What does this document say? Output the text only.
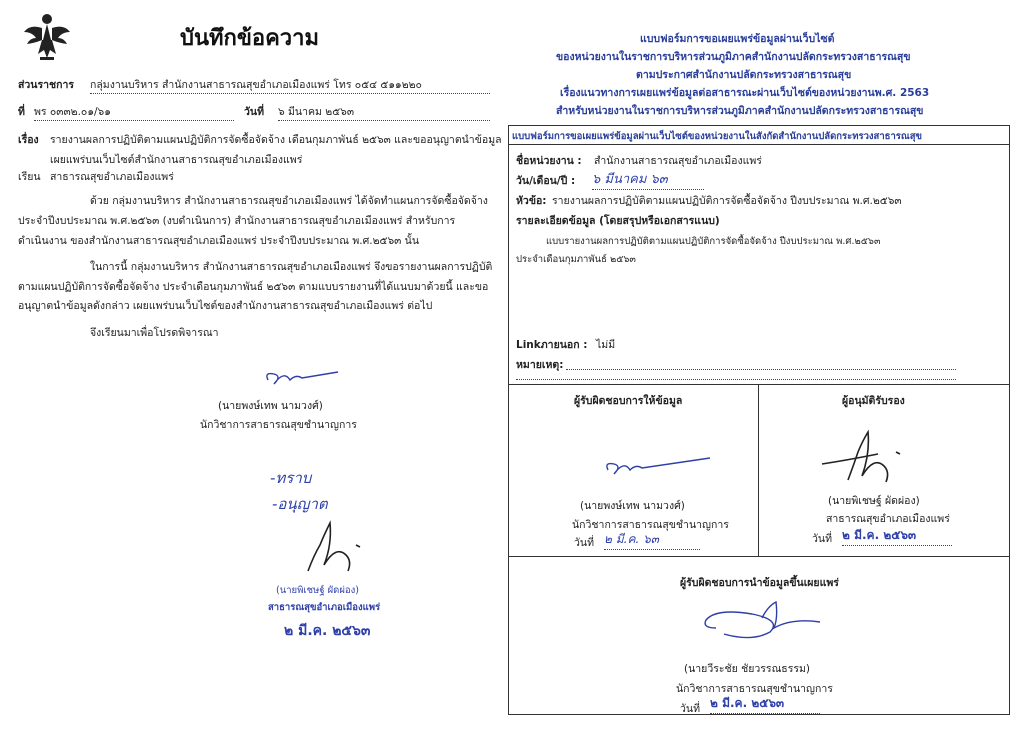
บันทึกข้อความ
ส่วนราชการ กลุ่มงานบริหาร สำนักงานสาธารณสุขอำเภอเมืองแพร่ โทร ๐๕๔ ๕๑๑๒๒๐
ที่ พร ๐๓๓๒.๐๑/๖๑	วันที่ ๖ มีนาคม ๒๕๖๓
เรื่อง รายงานผลการปฏิบัติตามแผนปฏิบัติการจัดซื้อจัดจ้าง เดือนกุมภาพันธ์ ๒๕๖๓ และขออนุญาตนำข้อมูล
เผยแพร่บนเว็บไซต์สำนักงานสาธารณสุขอำเภอเมืองแพร่
เรียน สาธารณสุขอำเภอเมืองแพร่
ด้วย กลุ่มงานบริหาร สำนักงานสาธารณสุขอำเภอเมืองแพร่ ได้จัดทำแผนการจัดซื้อจัดจ้าง
ประจำปีงบประมาณ พ.ศ.๒๕๖๓ (งบดำเนินการ) สำนักงานสาธารณสุขอำเภอเมืองแพร่ สำหรับการ
ดำเนินงาน ของสำนักงานสาธารณสุขอำเภอเมืองแพร่ ประจำปีงบประมาณ พ.ศ.๒๕๖๓ นั้น
ในการนี้ กลุ่มงานบริหาร สำนักงานสาธารณสุขอำเภอเมืองแพร่ จึงขอรายงานผลการปฏิบัติ
ตามแผนปฏิบัติการจัดซื้อจัดจ้าง ประจำเดือนกุมภาพันธ์ ๒๕๖๓ ตามแบบรายงานที่ได้แนบมาด้วยนี้ และขอ
อนุญาตนำข้อมูลดังกล่าว เผยแพร่บนเว็บไซต์ของสำนักงานสาธารณสุขอำเภอเมืองแพร่ ต่อไป
จึงเรียนมาเพื่อโปรดพิจารณา
(นายพงษ์เทพ นามวงศ์)
นักวิชาการสาธารณสุขชำนาญการ
-ทราบ
-อนุญาต
(นายพิเชษฐ์ ผัดผ่อง)
สาธารณสุขอำเภอเมืองแพร่
๒ มี.ค. ๒๕๖๓
แบบฟอร์มการขอเผยแพร่ข้อมูลผ่านเว็บไซต์
ของหน่วยงานในราชการบริหารส่วนภูมิภาคสำนักงานปลัดกระทรวงสาธารณสุข
ตามประกาศสำนักงานปลัดกระทรวงสาธารณสุข
เรื่องแนวทางการเผยแพร่ข้อมูลต่อสาธารณะผ่านเว็บไซต์ของหน่วยงานพ.ศ. 2563
สำหรับหน่วยงานในราชการบริหารส่วนภูมิภาคสำนักงานปลัดกระทรวงสาธารณสุข
แบบฟอร์มการขอเผยแพร่ข้อมูลผ่านเว็บไซต์ของหน่วยงานในสังกัดสำนักงานปลัดกระทรวงสาธารณสุข
ชื่อหน่วยงาน : สำนักงานสาธารณสุขอำเภอเมืองแพร่
วัน/เดือน/ปี : ๖ มีนาคม ๖๓
หัวข้อ: รายงานผลการปฏิบัติตามแผนปฏิบัติการจัดซื้อจัดจ้าง ปีงบประมาณ พ.ศ.๒๕๖๓
รายละเอียดข้อมูล (โดยสรุปหรือเอกสารแนบ)
แบบรายงานผลการปฏิบัติตามแผนปฏิบัติการจัดซื้อจัดจ้าง ปีงบประมาณ พ.ศ.๒๕๖๓
ประจำเดือนกุมภาพันธ์ ๒๕๖๓
Linkภายนอก : ไม่มี
หมายเหตุ:
ผู้รับผิดชอบการให้ข้อมูล
(นายพงษ์เทพ นามวงศ์)
นักวิชาการสาธารณสุขชำนาญการ
วันที่ ๒ มี.ค. ๖๓
ผู้อนุมัติรับรอง
(นายพิเชษฐ์ ผัดผ่อง)
สาธารณสุขอำเภอเมืองแพร่
วันที่ ๒ มี.ค. ๒๕๖๓
ผู้รับผิดชอบการนำข้อมูลขึ้นเผยแพร่
(นายวีระชัย ชัยวรรณธรรม)
นักวิชาการสาธารณสุขชำนาญการ
วันที่ ๒ มี.ค. ๒๕๖๓
